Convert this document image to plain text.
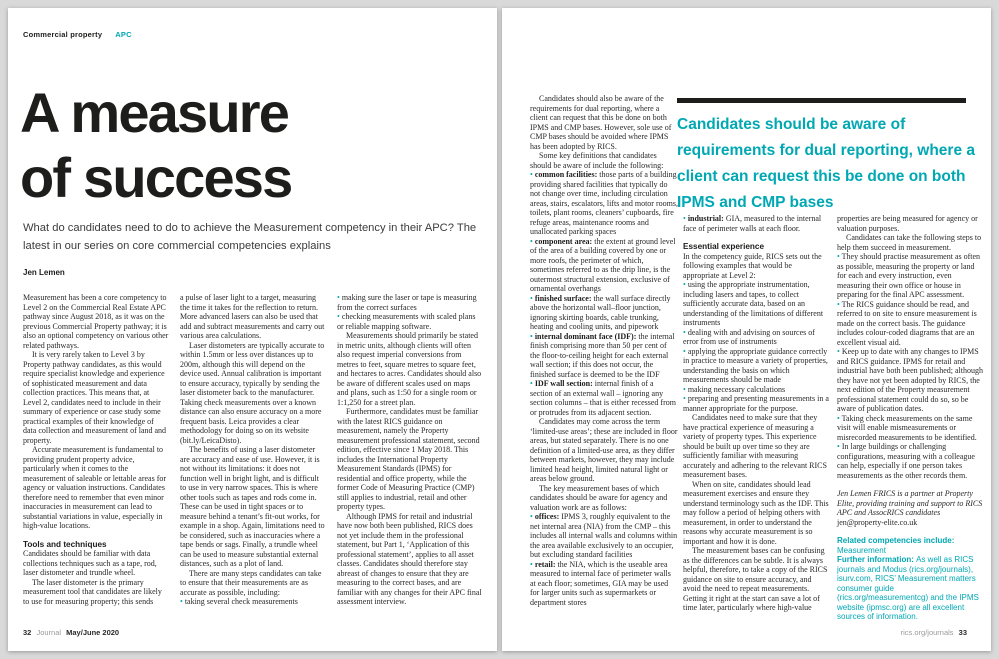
Commercial property APC
A measure
of success

What do candidates need to do to achieve the Measurement competency in their APC? The latest in our series on core commercial competencies explains

Jen Lemen

Measurement has been a core competency to Level 2 on the Commercial Real Estate APC pathway since August 2018, as it was on the previous Commercial Property pathway; it is also an optional competency on various other related pathways.

It is very rarely taken to Level 3 by Property pathway candidates, as this would require specialist knowledge and experience of sophisticated measurement and data collection practices. This means that, at Level 2, candidates need to include in their summary of experience or case study some practical examples of their knowledge of data collection and measurement of land and property.

Accurate measurement is fundamental to providing prudent property advice, particularly when it comes to the measurement of saleable or lettable areas for agency or valuation instructions. Candidates therefore need to remember that even minor inaccuracies in measurement can lead to substantial variations in value, especially in high-value locations.

Tools and techniques

Candidates should be familiar with data collections techniques such as a tape, rod, laser distometer and trundle wheel.

The laser distometer is the primary measurement tool that candidates are likely to use for measuring property; this sends

a pulse of laser light to a target, measuring the time it takes for the reflection to return. More advanced lasers can also be used that add and subtract measurements and carry out various area calculations.

Laser distometers are typically accurate to within 1.5mm or less over distances up to 200m, although this will depend on the device used. Annual calibration is important to ensure accuracy, typically by sending the laser distometer back to the manufacturer. Taking check measurements over a known distance can also ensure accuracy on a more frequent basis. Leica provides a clear methodology for doing so on its website (bit.ly/LeicaDisto).

The benefits of using a laser distometer are accuracy and ease of use. However, it is not without its limitations: it does not function well in bright light, and is difficult to use in very narrow spaces. This is where other tools such as tapes and rods come in. These can be used in tight spaces or to measure behind a tenant’s fit-out works, for example in a shop. Again, limitations need to be considered, such as inaccuracies where a tape bends or sags. Finally, a trundle wheel can be used to measure substantial external distances, such as a plot of land.

There are many steps candidates can take to ensure that their measurements are as accurate as possible, including:

• taking several check measurements

• making sure the laser or tape is measuring from the correct surfaces

• checking measurements with scaled plans or reliable mapping software.

Measurements should primarily be stated in metric units, although clients will often also request imperial conversions from metres to feet, square metres to square feet, and hectares to acres. Candidates should also be aware of different scales used on maps and plans, such as 1:50 for a single room or 1:1,250 for a street plan.

Furthermore, candidates must be familiar with the latest RICS guidance on measurement, namely the Property measurement professional statement, second edition, effective since 1 May 2018. This includes the International Property Measurement Standards (IPMS) for residential and office property, while the former Code of Measuring Practice (CMP) still applies to industrial, retail and other property types.

Although IPMS for retail and industrial have now both been published, RICS does not yet include them in the professional statement, but Part 1, ‘Application of this professional statement’, applies to all asset classes. Candidates should therefore stay abreast of changes to ensure that they are measuring to the correct bases, and are familiar with any changes for their APC final assessment interview.

32 Journal May/June 2020

Candidates should also be aware of the requirements for dual reporting, where a client can request that this be done on both IPMS and CMP bases. However, sole use of CMP bases should be avoided where IPMS has been adopted by RICS.

Some key definitions that candidates should be aware of include the following:

• common facilities: those parts of a building providing shared facilities that typically do not change over time, including circulation areas, stairs, escalators, lifts and motor rooms, toilets, plant rooms, cleaners’ cupboards, fire refuge areas, maintenance rooms and unallocated parking spaces

• component area: the extent at ground level of the area of a building covered by one or more roofs, the perimeter of which, sometimes referred to as the drip line, is the outermost structural extension, exclusive of ornamental overhangs

• finished surface: the wall surface directly above the horizontal wall–floor junction, ignoring skirting boards, cable trunking, heating and cooling units, and pipework

• internal dominant face (IDF): the internal finish comprising more than 50 per cent of the floor-to-ceiling height for each external wall section; if this does not occur, the finished surface is deemed to be the IDF

• IDF wall section: internal finish of a section of an external wall – ignoring any section columns – that is either recessed from or protrudes from its adjacent section.

Candidates may come across the term ‘limited-use areas’; these are included in floor areas, but stated separately. There is no one definition of a limited-use area, as they differ between markets, however, they may include limited head height, limited natural light or areas below ground.

The key measurement bases of which candidates should be aware for agency and valuation work are as follows:

• offices: IPMS 3, roughly equivalent to the net internal area (NIA) from the CMP – this includes all internal walls and columns within the area available exclusively to an occupier, but excluding standard facilities

• retail: the NIA, which is the useable area measured to internal face of perimeter walls at each floor; sometimes, GIA may be used for larger units such as supermarkets or department stores

Candidates should be aware of requirements for dual reporting, where a client can request this be done on both IPMS and CMP bases

• industrial: GIA, measured to the internal face of perimeter walls at each floor.

Essential experience

In the competency guide, RICS sets out the following examples that would be appropriate at Level 2:

• using the appropriate instrumentation, including lasers and tapes, to collect sufficiently accurate data, based on an understanding of the limitations of different instruments

• dealing with and advising on sources of error from use of instruments

• applying the appropriate guidance correctly in practice to measure a variety of properties, understanding the basis on which measurements should be made

• making necessary calculations

• preparing and presenting measurements in a manner appropriate for the purpose.

Candidates need to make sure that they have practical experience of measuring a variety of property types. This experience should be built up over time so they are sufficiently familiar with measuring accurately and adhering to the relevant RICS measurement bases.

When on site, candidates should lead measurement exercises and ensure they understand terminology such as the IDF. This may follow a period of helping others with measurement, in order to understand the reasons why accurate measurement is so important and how it is done.

The measurement bases can be confusing as the differences can be subtle. It is always helpful, therefore, to take a copy of the RICS guidance on site to ensure accuracy, and avoid the need to repeat measurements. Getting it right at the start can save a lot of time later, particularly where high-value

properties are being measured for agency or valuation purposes.

Candidates can take the following steps to help them succeed in measurement.

• They should practise measurement as often as possible, measuring the property or land for each and every instruction, even measuring their own office or house in preparing for the final APC assessment.

• The RICS guidance should be read, and referred to on site to ensure measurement is made on the correct basis. The guidance includes colour-coded diagrams that are an excellent visual aid.

• Keep up to date with any changes to IPMS and RICS guidance. IPMS for retail and industrial have both been published; although they have not yet been adopted by RICS, the next edition of the Property measurement professional statement could do so, so be aware of publication dates.

• Taking check measurements on the same visit will enable mismeasurements or misrecorded measurements to be identified.

• In large buildings or challenging configurations, measuring with a colleague can help, especially if one person takes measurements as the other records them.

Jen Lemen FRICS is a partner at Property Elite, providing training and support to RICS APC and AssocRICS candidates

jen@property-elite.co.uk

Related competencies include:

Measurement

Further information: As well as RICS journals and Modus (rics.org/journals), isurv.com, RICS’ Measurement matters consumer guide (rics.org/measurementcg) and the IPMS website (ipmsc.org) are all excellent sources of information.

rics.org/journals 33
